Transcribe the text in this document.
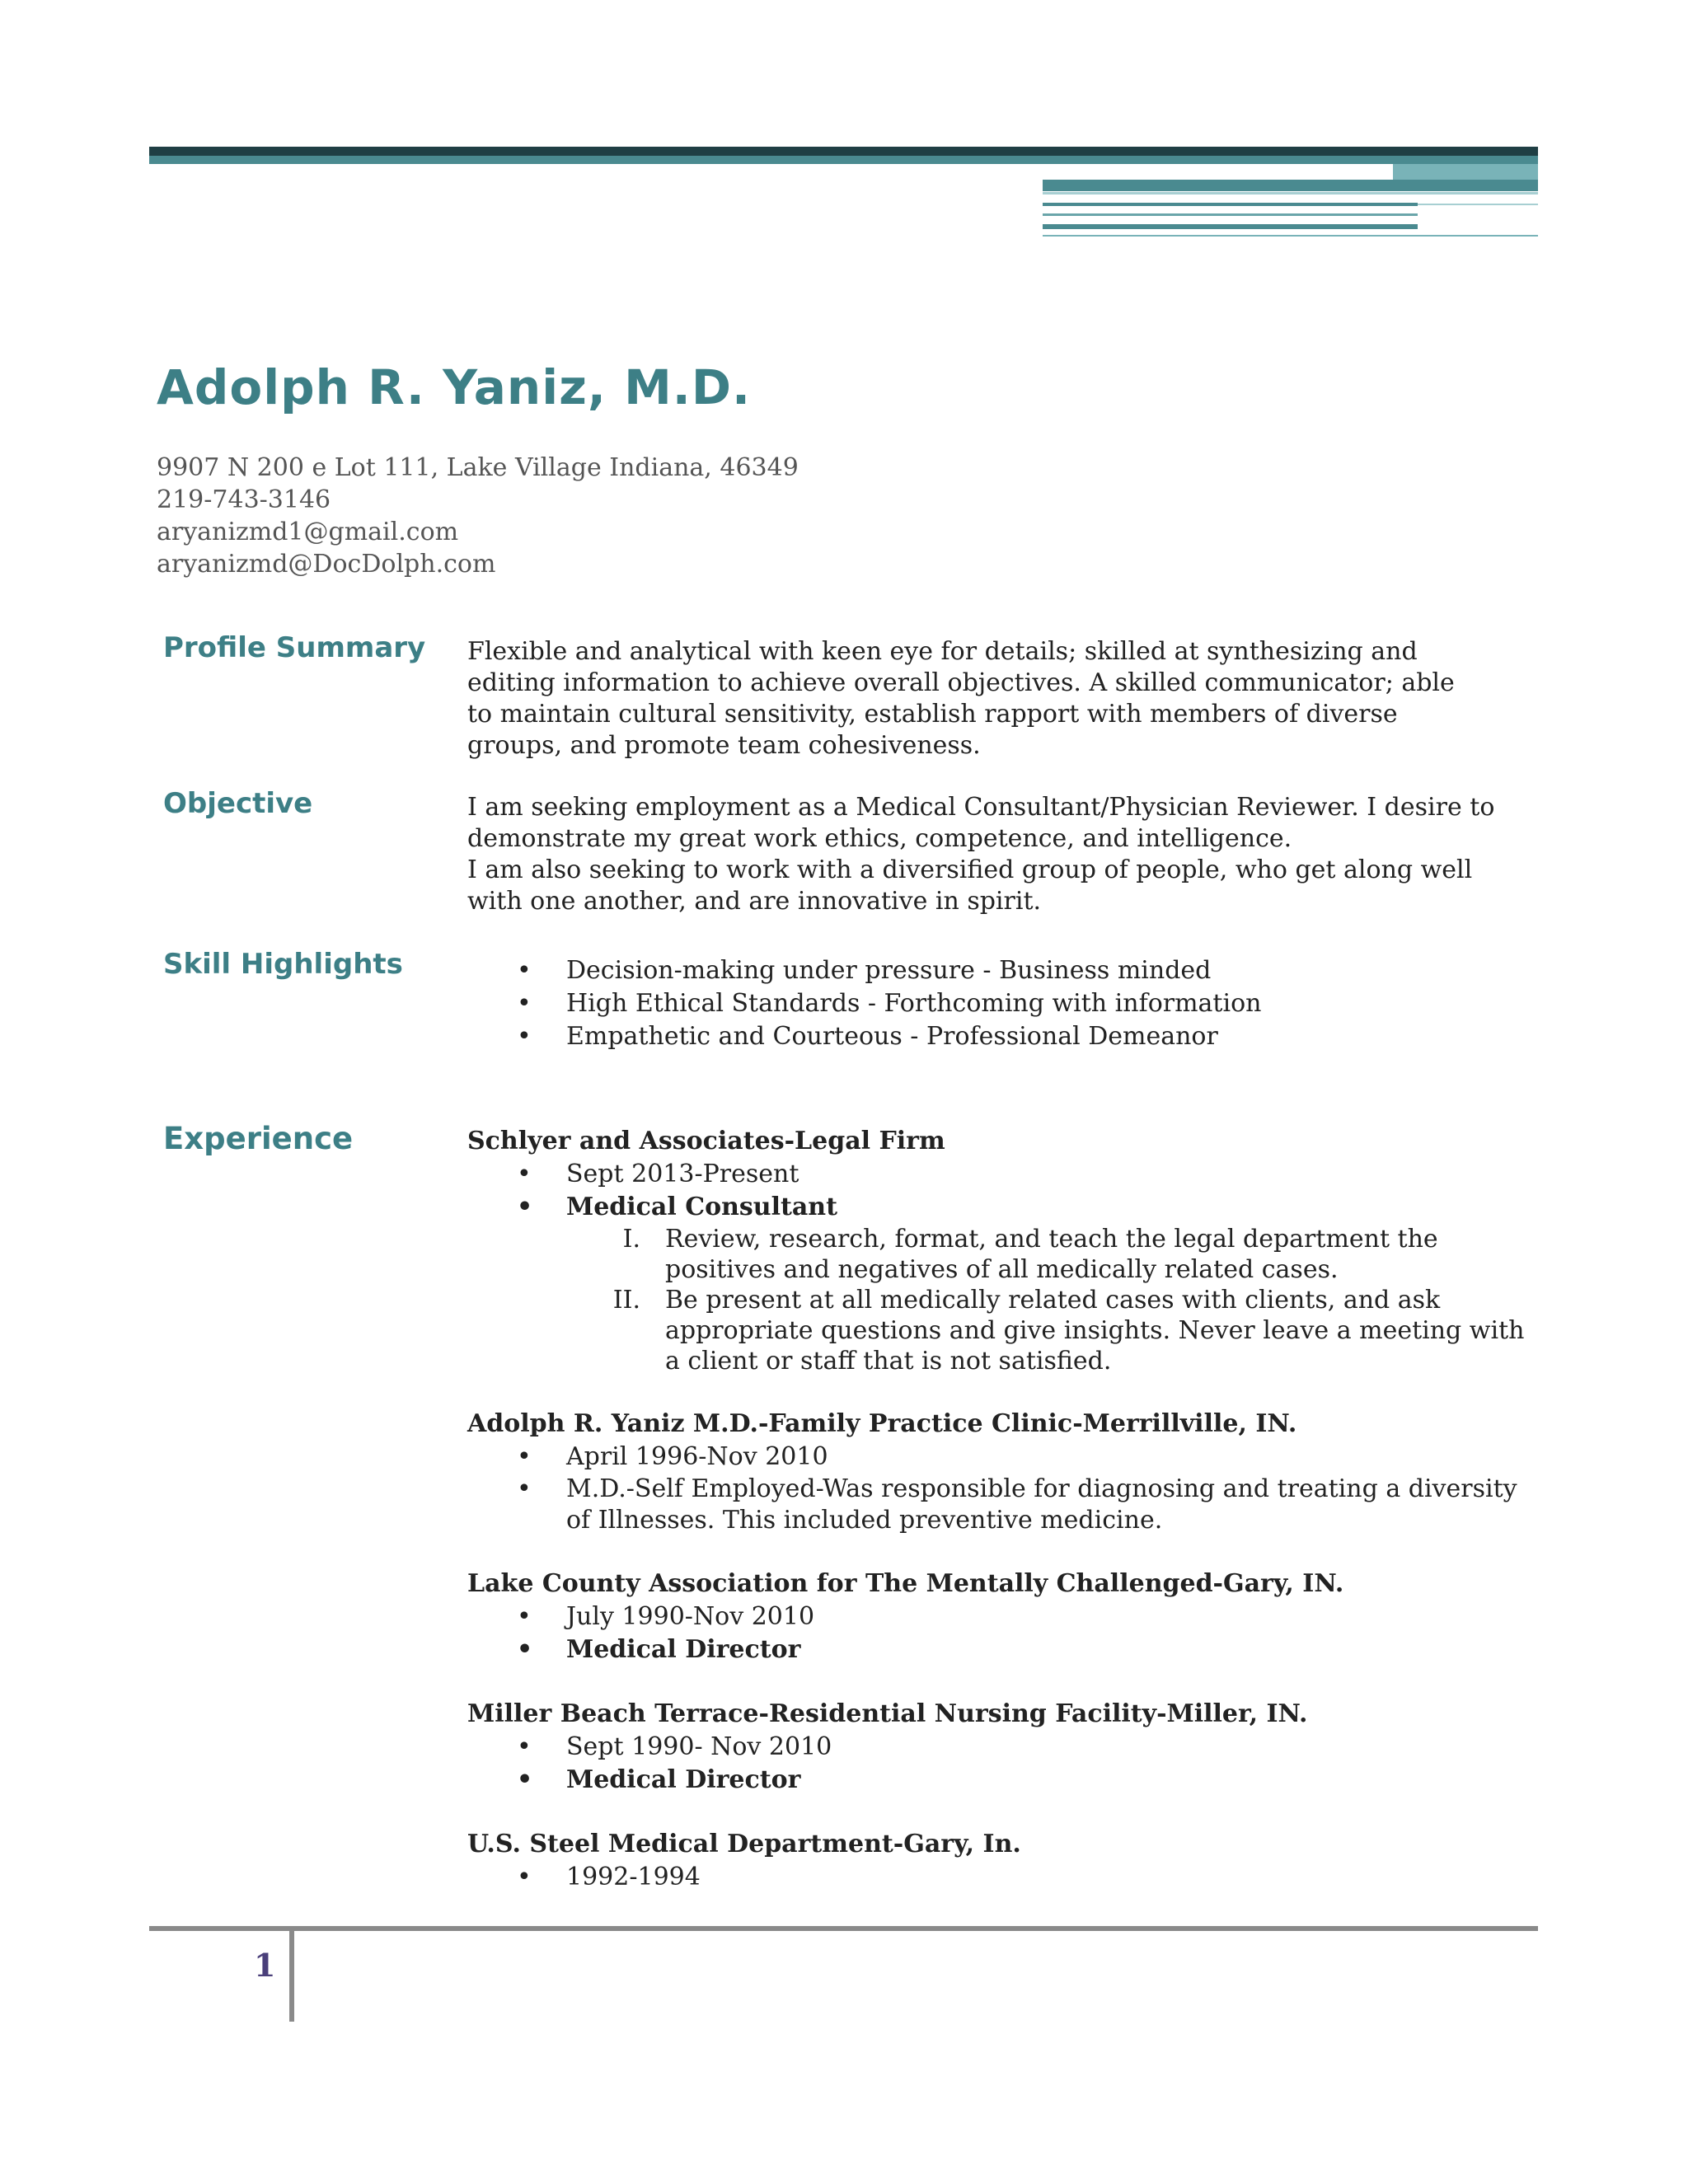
Adolph R. Yaniz, M.D.
9907 N 200 e Lot 111, Lake Village Indiana, 46349
219-743-3146
aryanizmd1@gmail.com
aryanizmd@DocDolph.com
Profile Summary Flexible and analytical with keen eye for details; skilled at synthesizing and editing information to achieve overall objectives. A skilled communicator; able to maintain cultural sensitivity, establish rapport with members of diverse groups, and promote team cohesiveness.

Objective	I am seeking employment as a Medical Consultant/Physician Reviewer. I desire to demonstrate my great work ethics, competence, and intelligence.

I am also seeking to work with a diversified group of people, who get along well with one another, and are innovative in spirit.

Skill Highlights
•	Decision-making under pressure - Business minded
• High Ethical Standards - Forthcoming with information
• Empathetic and Courteous - Professional Demeanor
Experience	Schlyer and Associates-Legal Firm
• Sept 2013-Present
• Medical Consultant
I. Review, research, format, and teach the legal department the positives and negatives of all medically related cases.
II. Be present at all medically related cases with clients, and ask appropriate questions and give insights. Never leave a meeting with a client or staff that is not satisfied.
Adolph R. Yaniz M.D.-Family Practice Clinic-Merrillville, IN.
• April 1996-Nov 2010
• M.D.-Self Employed-Was responsible for diagnosing and treating a diversity of Illnesses. This included preventive medicine.
Lake County Association for The Mentally Challenged-Gary, IN.
• July 1990-Nov 2010
• Medical Director
Miller Beach Terrace-Residential Nursing Facility-Miller, IN.
• Sept 1990- Nov 2010
• Medical Director
U.S. Steel Medical Department-Gary, In.
• 1992-1994
1
